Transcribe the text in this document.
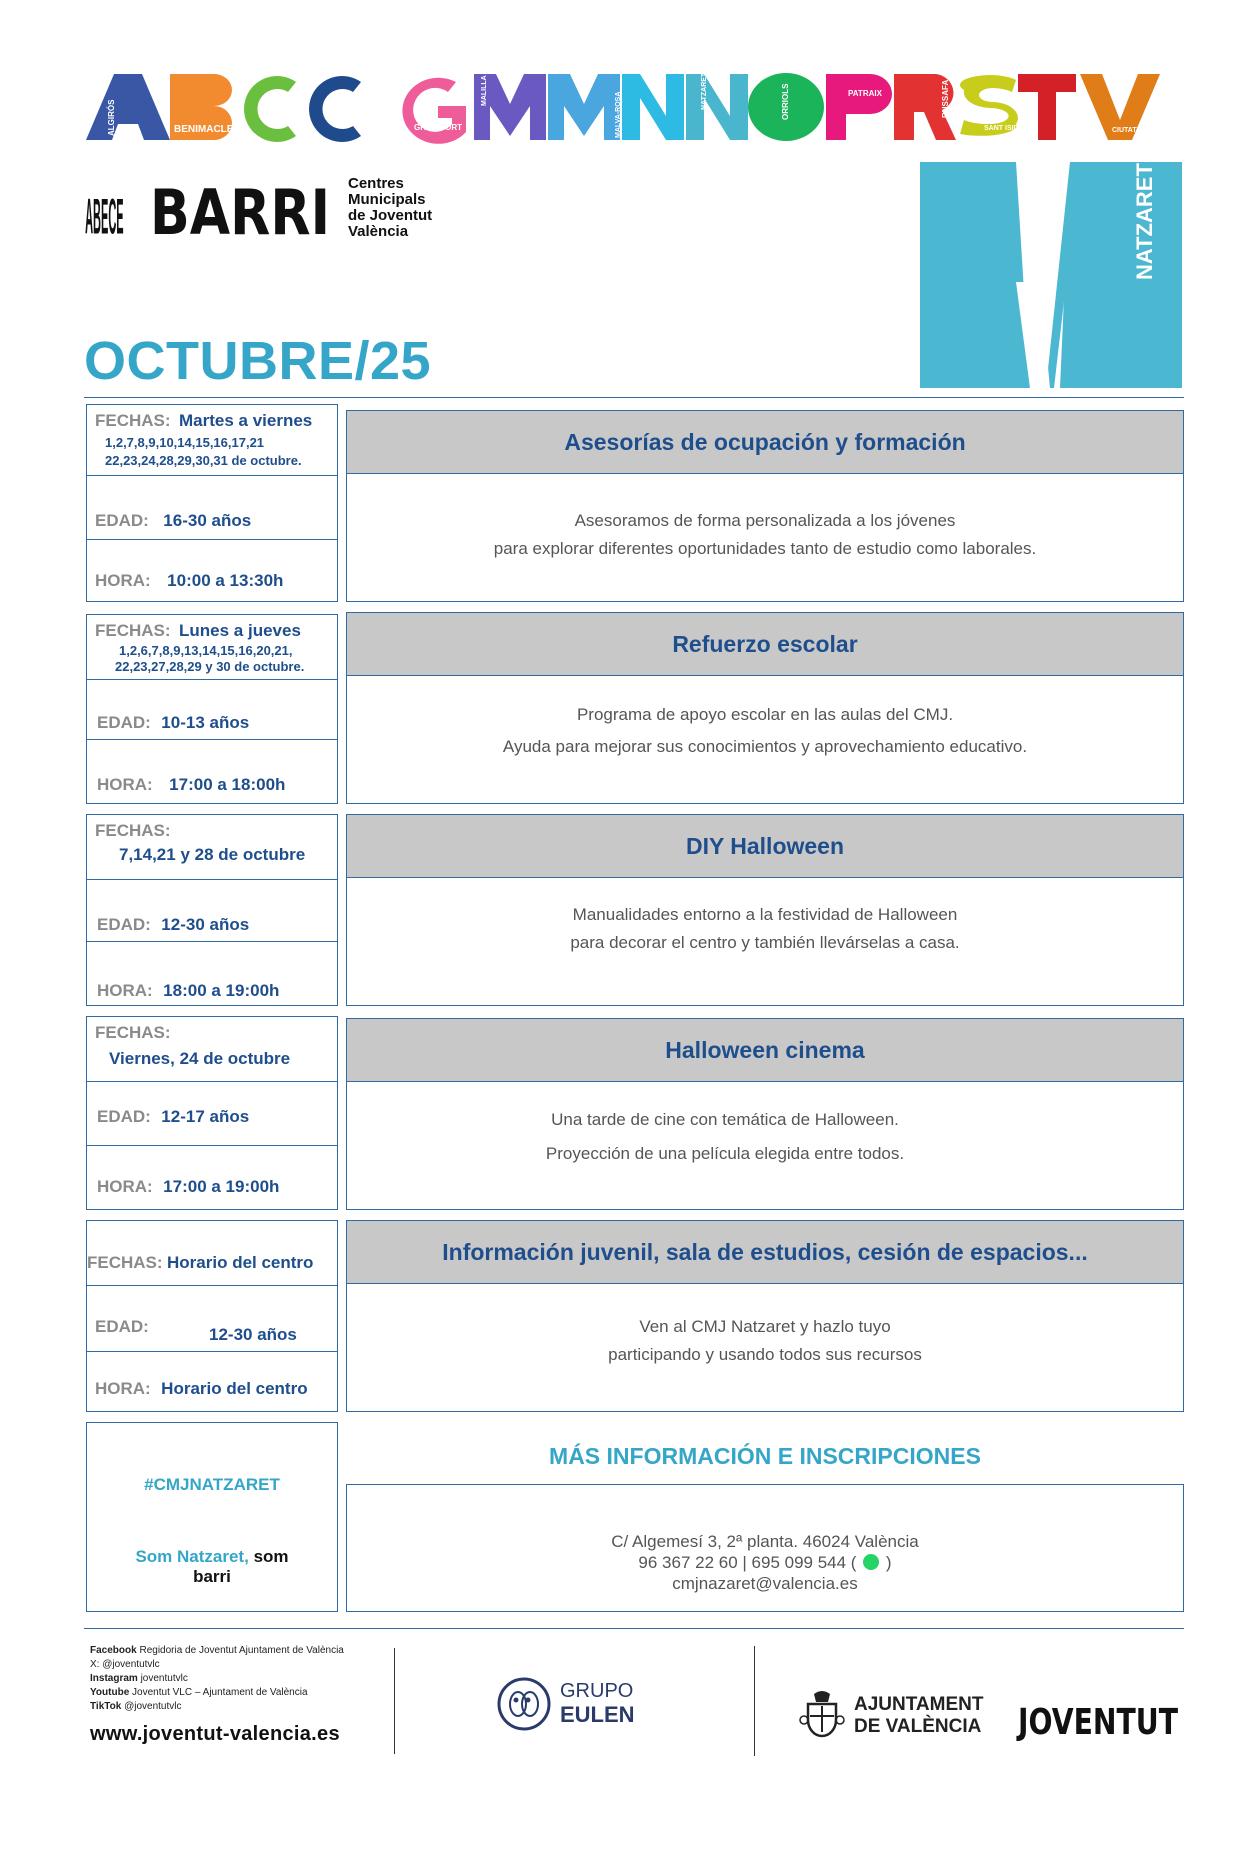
ALGIRÓS	BENIMACLET
CAMPANAR	CABANYAL-CANYAMELAR	GRAU PORT
MALILLA
MALVA-ROSA
NATZARET	ORRIOLS	PATRAIX	RUSSAFA
SANT ISIDRE	TRINITAT	CIUTAT VELLA
ABECE BARRI Centres
Municipals
de Joventut
València	NATZARET
OCTUBRE/25
FECHAS: Martes a viernes
1,2,7,8,9,10,14,15,16,17,21
22,23,24,28,29,30,31 de octubre.
EDAD: 16-30 años
HORA: 10:00 a 13:30h
Asesorías de ocupación y formación
Asesoramos de forma personalizada a los jóvenes
para explorar diferentes oportunidades tanto de estudio como laborales.
FECHAS: Lunes a jueves
1,2,6,7,8,9,13,14,15,16,20,21,
22,23,27,28,29 y 30 de octubre.
EDAD: 10-13 años
HORA: 17:00 a 18:00h
Refuerzo escolar
Programa de apoyo escolar en las aulas del CMJ.
Ayuda para mejorar sus conocimientos y aprovechamiento educativo.
FECHAS:
7,14,21 y 28 de octubre
EDAD: 12-30 años
HORA: 18:00 a 19:00h
DIY Halloween
Manualidades entorno a la festividad de Halloween
para decorar el centro y también llevárselas a casa.
FECHAS:
Viernes, 24 de octubre
EDAD: 12-17 años
HORA: 17:00 a 19:00h
Halloween cinema
Una tarde de cine con temática de Halloween.
Proyección de una película elegida entre todos.
FECHAS: Horario del centro
EDAD:	12-30 años
HORA: Horario del centro
Información juvenil, sala de estudios, cesión de espacios...
Ven al CMJ Natzaret y hazlo tuyo
participando y usando todos sus recursos
#CMJNATZARET
Som Natzaret, som
barri
MÁS INFORMACIÓN E INSCRIPCIONES
C/ Algemesí 3, 2ª planta. 46024 València
96 367 22 60 | 695 099 544 ( )
cmjnazaret@valencia.es
Facebook Regidoria de Joventut Ajuntament de València
X: @joventutvlc
Instagram joventutvlc
Youtube Joventut VLC – Ajuntament de València
TikTok @joventutvlc
www.joventut-valencia.es
GRUPO
EULEN	AJUNTAMENT
DE VALÈNCIA JOVENTUT
